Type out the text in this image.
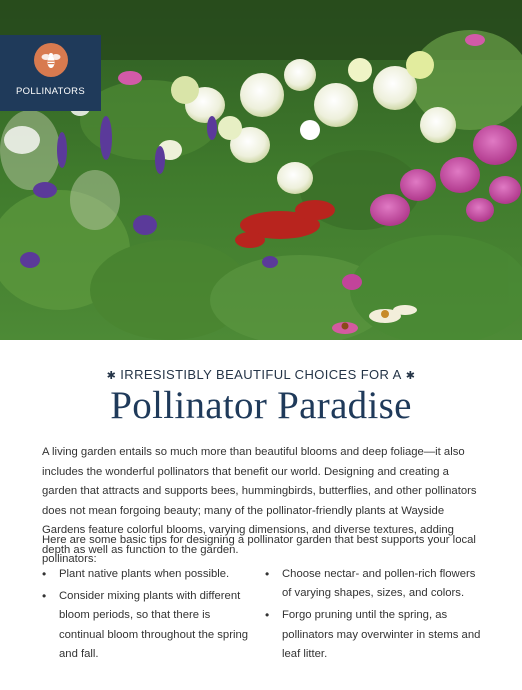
POLLINATORS
✱ IRRESISTIBLY BEAUTIFUL CHOICES FOR A ✱
Pollinator Paradise

A living garden entails so much more than beautiful blooms and deep foliage—it also includes the wonderful pollinators that benefit our world. Designing and creating a garden that attracts and supports bees, hummingbirds, butterflies, and other pollinators does not mean forgoing beauty; many of the pollinator-friendly plants at Wayside Gardens feature colorful blooms, varying dimensions, and diverse textures, adding depth as well as function to the garden.

Here are some basic tips for designing a pollinator garden that best supports your local pollinators:

• Plant native plants when possible.
• Consider mixing plants with different bloom periods, so that there is continual bloom throughout the spring and fall.
• Choose nectar- and pollen-rich flowers of varying shapes, sizes, and colors.
• Forgo pruning until the spring, as pollinators may overwinter in stems and leaf litter.
